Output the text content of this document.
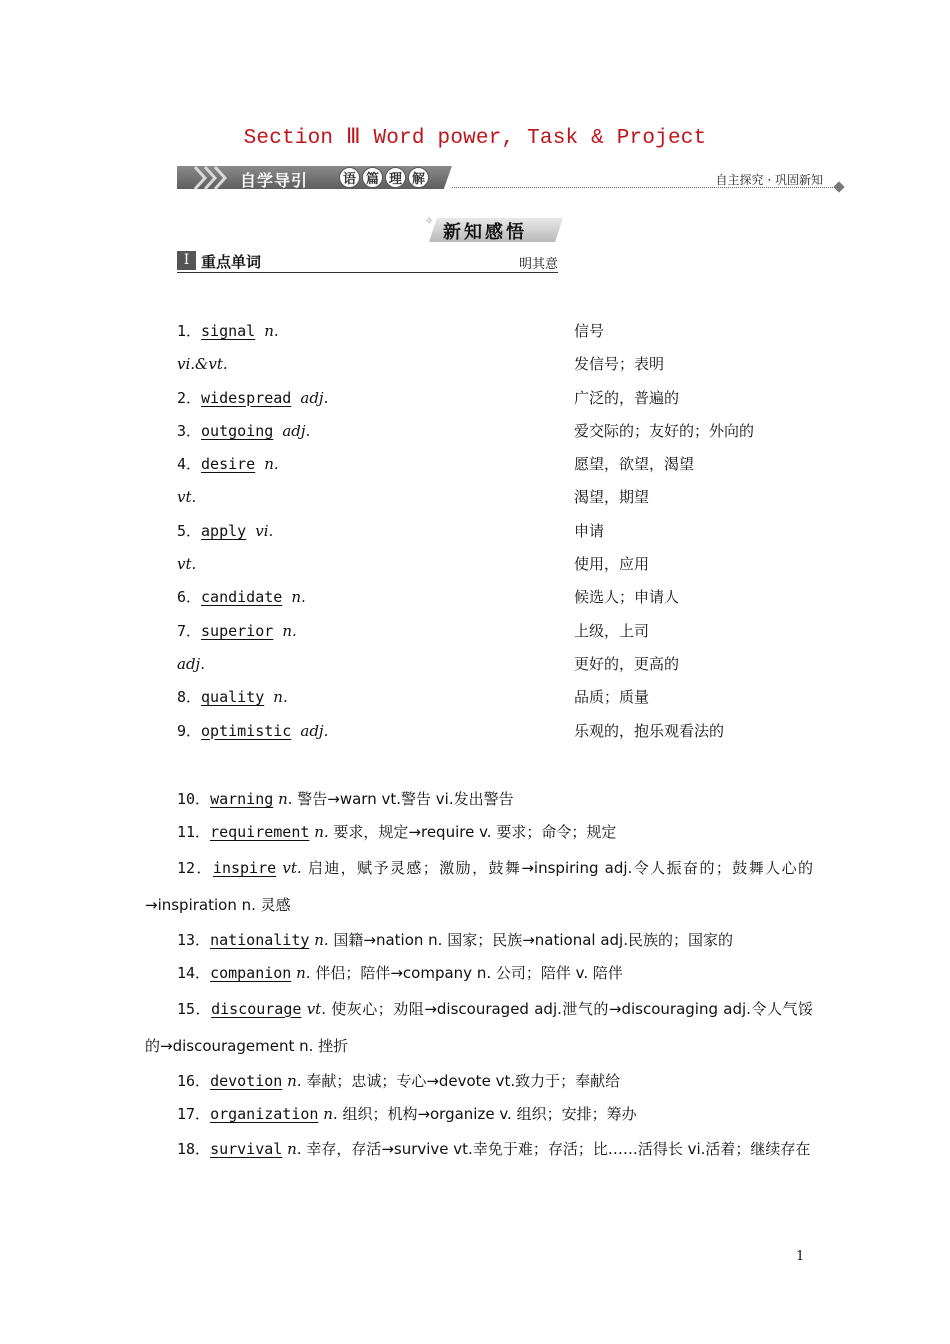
Section Ⅲ Word power, Task & Project
自学导引	语 篇 理 解	自主探究 · 巩固新知
✧
新知感悟
Ⅰ 重点单词	明其意
1．signal n.	信号
vi.&vt.	发信号；表明
2．widespread adj.	广泛的，普遍的
3．outgoing adj.	爱交际的；友好的；外向的
4．desire n.	愿望，欲望，渴望
vt.	渴望，期望
5．apply vi.	申请
vt.	使用，应用
6．candidate n.	候选人；申请人
7．superior n.	上级，上司
adj.	更好的，更高的
8．quality n.	品质；质量
9．optimistic adj.	乐观的，抱乐观看法的

10．warning n. 警告→warn vt.警告 vi.发出警告

11．requirement n. 要求，规定→require v. 要求；命令；规定

12．inspire vt. 启迪，赋予灵感；激励，鼓舞→inspiring adj.令人振奋的；鼓舞人心的→inspiration n. 灵感

13．nationality n. 国籍→nation n. 国家；民族→national adj.民族的；国家的

14．companion n. 伴侣；陪伴→company n. 公司；陪伴 v. 陪伴

15．discourage vt. 使灰心；劝阻→discouraged adj.泄气的→discouraging adj.令人气馁的→discouragement n. 挫折

16．devotion n. 奉献；忠诚；专心→devote vt.致力于；奉献给

17．organization n. 组织；机构→organize v. 组织；安排；筹办

18．survival n. 幸存，存活→survive vt.幸免于难；存活；比……活得长 vi.活着；继续存在

1
